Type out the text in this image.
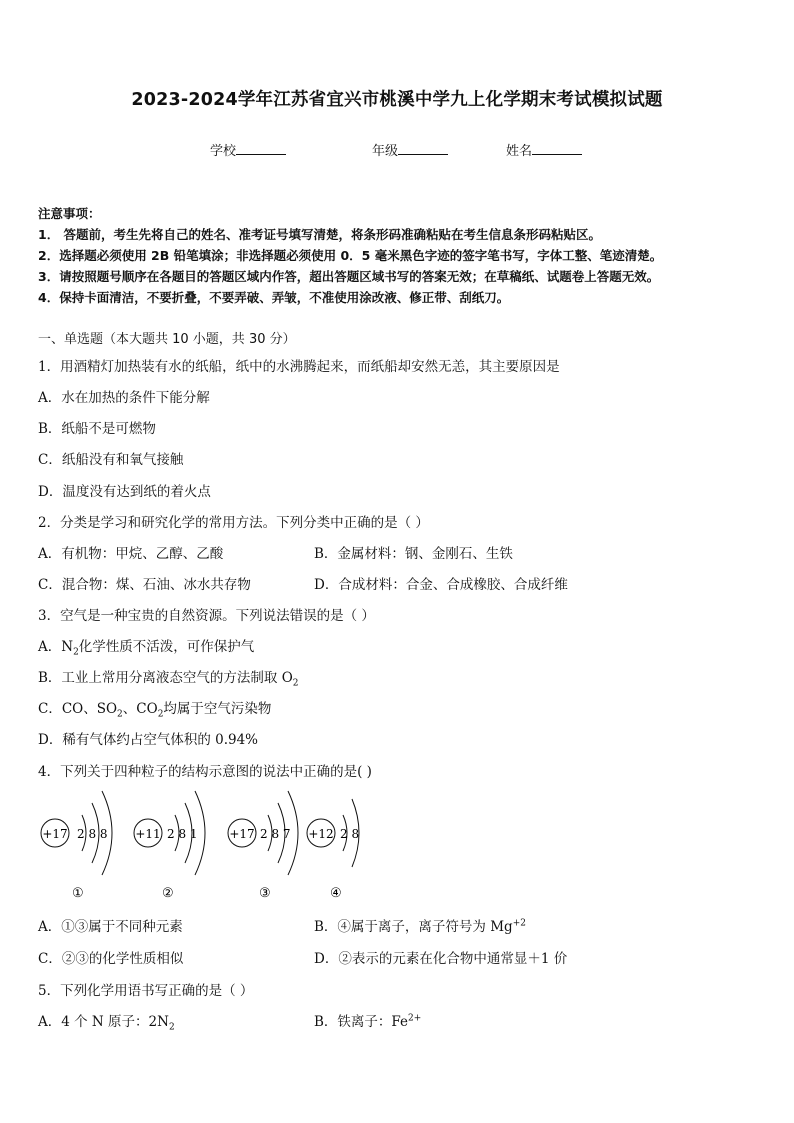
2023-2024学年江苏省宜兴市桃溪中学九上化学期末考试模拟试题
学校	年级	姓名
注意事项：
1． 答题前，考生先将自己的姓名、准考证号填写清楚，将条形码准确粘贴在考生信息条形码粘贴区。
2．选择题必须使用 2B 铅笔填涂；非选择题必须使用 0．5 毫米黑色字迹的签字笔书写，字体工整、笔迹清楚。
3．请按照题号顺序在各题目的答题区域内作答，超出答题区域书写的答案无效；在草稿纸、试题卷上答题无效。
4．保持卡面清洁，不要折叠，不要弄破、弄皱，不准使用涂改液、修正带、刮纸刀。
一、单选题（本大题共 10 小题，共 30 分）
1．用酒精灯加热装有水的纸船，纸中的水沸腾起来，而纸船却安然无恙，其主要原因是
A．水在加热的条件下能分解
B．纸船不是可燃物
C．纸船没有和氧气接触
D．温度没有达到纸的着火点
2．分类是学习和研究化学的常用方法。下列分类中正确的是（ ）
A．有机物：甲烷、乙醇、乙酸	B．金属材料：钢、金刚石、生铁
C．混合物：煤、石油、冰水共存物	D．合成材料：合金、合成橡胶、合成纤维
3．空气是一种宝贵的自然资源。下列说法错误的是（ ）
A．$N_2$化学性质不活泼，可作保护气
B．工业上常用分离液态空气的方法制取 $O_2$
C．CO、$SO_2$、$CO_2$均属于空气污染物
D．稀有气体约占空气体积的 0.94%
4．下列关于四种粒子的结构示意图的说法中正确的是( )
+17 2 8 8
①
+11 2 8 1
②
+17 2 8 7
③
+12 2 8
④
A．①③属于不同种元素	B．④属于离子，离子符号为 $Mg^{+2}$
C．②③的化学性质相似	D．②表示的元素在化合物中通常显＋1 价
5．下列化学用语书写正确的是（ ）
A．4 个 N 原子：$2N_2$	B．铁离子：$Fe^{2+}$
